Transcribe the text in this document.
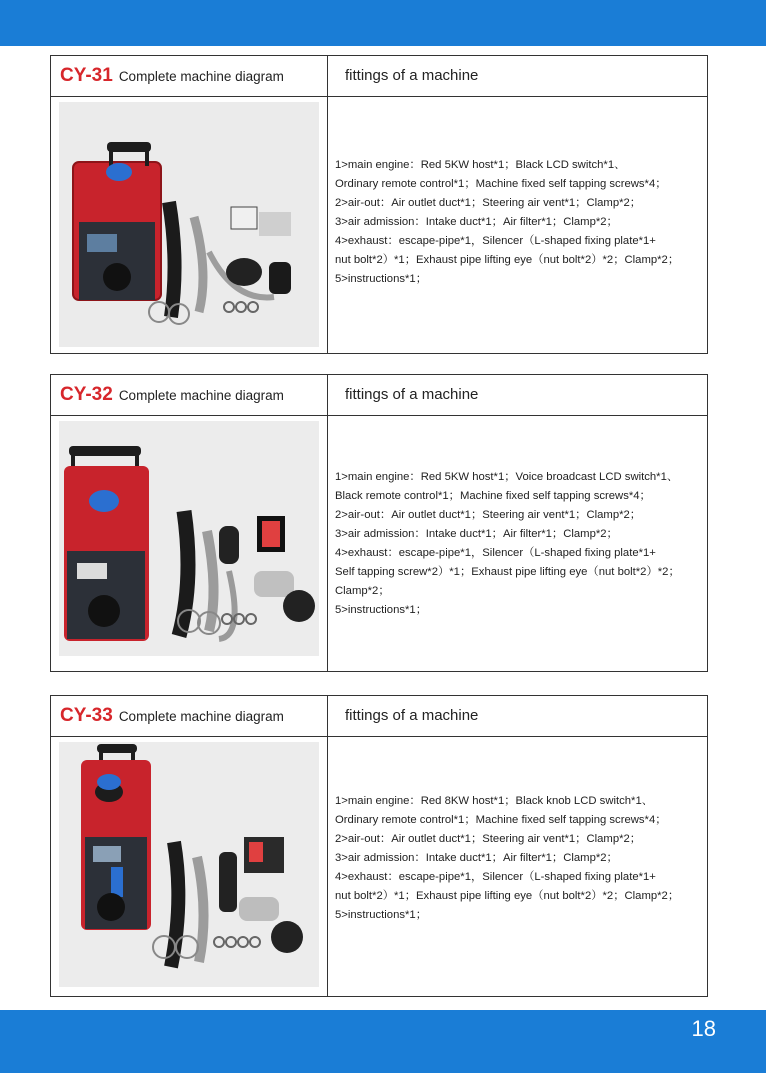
CY-31 Complete machine diagram	fittings of a machine

1>main engine：Red 5KW host*1；Black LCD switch*1、

Ordinary remote control*1；Machine fixed self tapping screws*4；

2>air-out：Air outlet duct*1；Steering air vent*1；Clamp*2；

3>air admission：Intake duct*1；Air filter*1；Clamp*2；

4>exhaust：escape-pipe*1，Silencer（L-shaped fixing plate*1+

nut bolt*2）*1；Exhaust pipe lifting eye（nut bolt*2）*2；Clamp*2；

5>instructions*1；

CY-32 Complete machine diagram	fittings of a machine

1>main engine：Red 5KW host*1；Voice broadcast LCD switch*1、

Black remote control*1；Machine fixed self tapping screws*4；

2>air-out：Air outlet duct*1；Steering air vent*1；Clamp*2；

3>air admission：Intake duct*1；Air filter*1；Clamp*2；

4>exhaust：escape-pipe*1，Silencer（L-shaped fixing plate*1+

Self tapping screw*2）*1；Exhaust pipe lifting eye（nut bolt*2）*2；

Clamp*2；

5>instructions*1；

CY-33 Complete machine diagram	fittings of a machine

1>main engine：Red 8KW host*1；Black knob LCD switch*1、

Ordinary remote control*1；Machine fixed self tapping screws*4；

2>air-out：Air outlet duct*1；Steering air vent*1；Clamp*2；

3>air admission：Intake duct*1；Air filter*1；Clamp*2；

4>exhaust：escape-pipe*1，Silencer（L-shaped fixing plate*1+

nut bolt*2）*1；Exhaust pipe lifting eye（nut bolt*2）*2；Clamp*2；

5>instructions*1；

18
